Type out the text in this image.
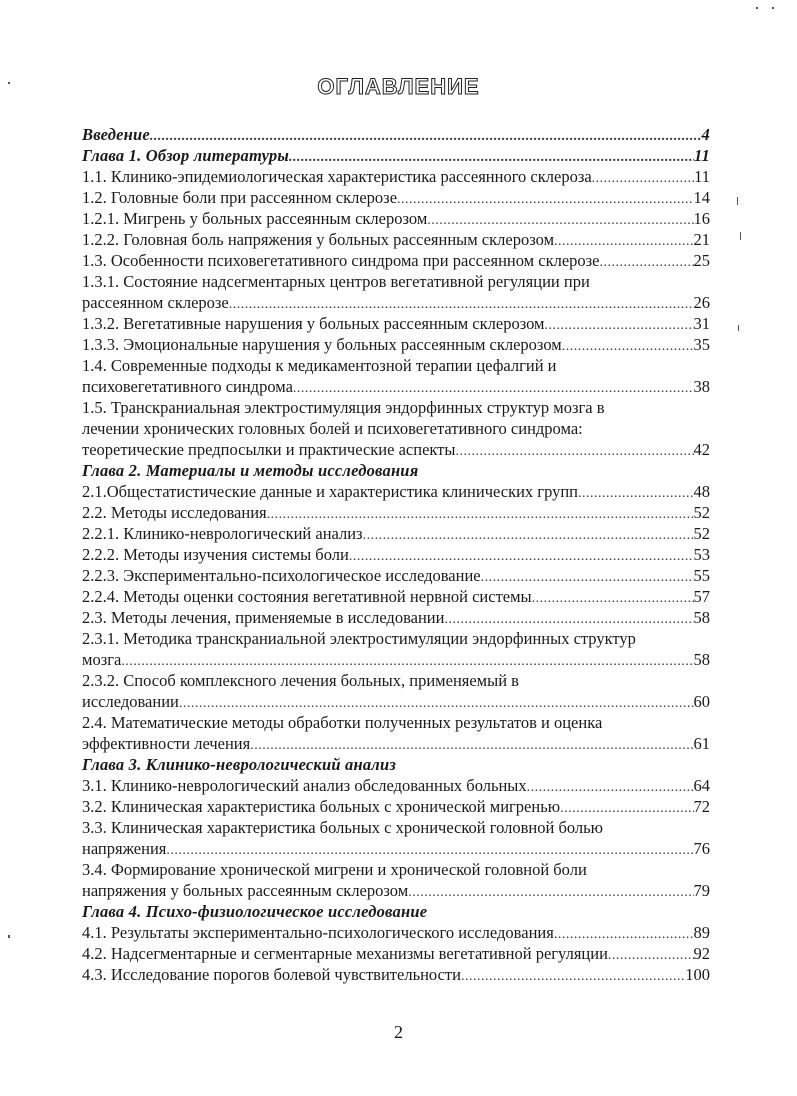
ОГЛАВЛЕНИЕ
Введение .....	4
Глава 1. Обзор литературы .....	11
1.1. Клинико-эпидемиологическая характеристика рассеянного склероза .....	11
1.2. Головные боли при рассеянном склерозе .....	14
1.2.1. Мигрень у больных рассеянным склерозом .....	16
1.2.2. Головная боль напряжения у больных рассеянным склерозом .....	21
1.3. Особенности психовегетативного синдрома при рассеянном склерозе .....	25
1.3.1. Состояние надсегментарных центров вегетативной регуляции при
рассеянном склерозе .....	26
1.3.2. Вегетативные нарушения у больных рассеянным склерозом .....	31
1.3.3. Эмоциональные нарушения у больных рассеянным склерозом .....	35
1.4. Современные подходы к медикаментозной терапии цефалгий и
психовегетативного синдрома .....	38
1.5. Транскраниальная электростимуляция эндорфинных структур мозга в
лечении хронических головных болей и психовегетативного синдрома:
теоретические предпосылки и практические аспекты .....	42
Глава 2. Материалы и методы исследования
2.1.Общестатистические данные и характеристика клинических групп .....	48
2.2. Методы исследования .....	52
2.2.1. Клинико-неврологический анализ .....	52
2.2.2. Методы изучения системы боли .....	53
2.2.3. Экспериментально-психологическое исследование .....	55
2.2.4. Методы оценки состояния вегетативной нервной системы .....	57
2.3. Методы лечения, применяемые в исследовании .....	58
2.3.1. Методика транскраниальной электростимуляции эндорфинных структур
мозга .....	58
2.3.2. Способ комплексного лечения больных, применяемый в
исследовании .....	60
2.4. Математические методы обработки полученных результатов и оценка
эффективности лечения .....	61
Глава 3. Клинико-неврологический анализ
3.1. Клинико-неврологический анализ обследованных больных .....	64
3.2. Клиническая характеристика больных с хронической мигренью .....	72
3.3. Клиническая характеристика больных с хронической головной болью
напряжения .....	76
3.4. Формирование хронической мигрени и хронической головной боли
напряжения у больных рассеянным склерозом .....	79
Глава 4. Психо-физиологическое исследование
4.1. Результаты экспериментально-психологического исследования .....	89
4.2. Надсегментарные и сегментарные механизмы вегетативной регуляции .....	92
4.3. Исследование порогов болевой чувствительности .....	100
2
